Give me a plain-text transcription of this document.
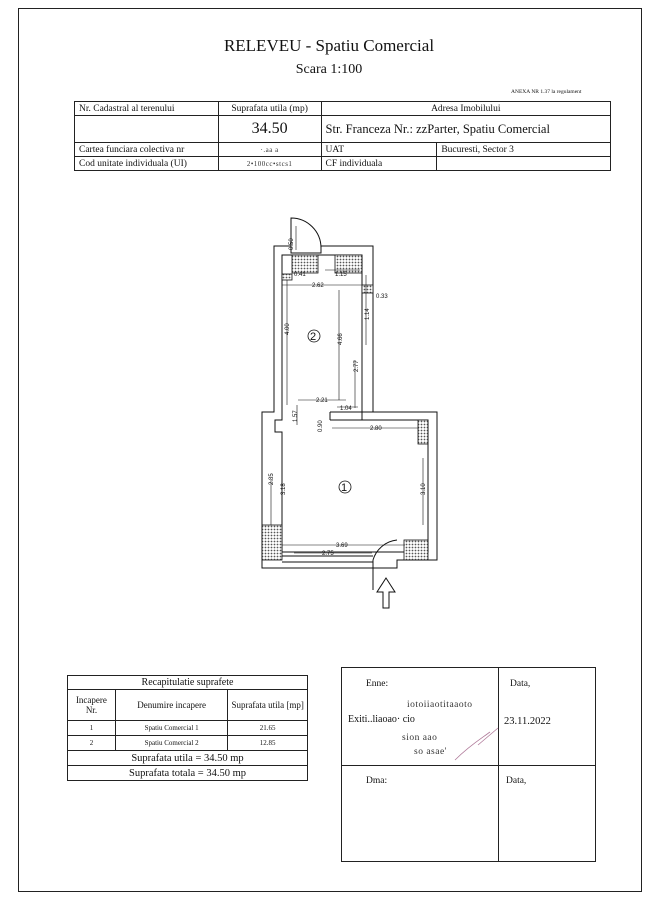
RELEVEU - Spatiu Comercial
Scara 1:100
ANEXA NR 1.37 la regulament
Nr. Cadastral al terenului	Suprafata utila (mp)	Adresa Imobilului	
	34.50	Str. Franceza Nr.: zzParter, Spatiu Comercial	
Cartea funciara colectiva nr	·.aa a	UAT	Bucuresti, Sector 3
Cod unitate individuala (UI)	2•100cc•stcs1	CF individuala	
0.50
0.41	1.15
2.62
0.33
1.14
4.00
4.66
2.77
2.21
1.04
1.57
0.90	2.80
2.85
3.18	3.10
3.69
2.75
2
1
Recapitulatie suprafete		
Incapere Nr.	Denumire incapere	Suprafata utila [mp]
1	Spatiu Comercial 1	21.65
2	Spatiu Comercial 2	12.85
Suprafata utila = 34.50 mp		
Suprafata totala = 34.50 mp		
Enne:	Data,
iotoiiaotitaaoto
Exiti..liaoao· cio
sion aao
so asae'
23.11.2022
Dma:	Data,
